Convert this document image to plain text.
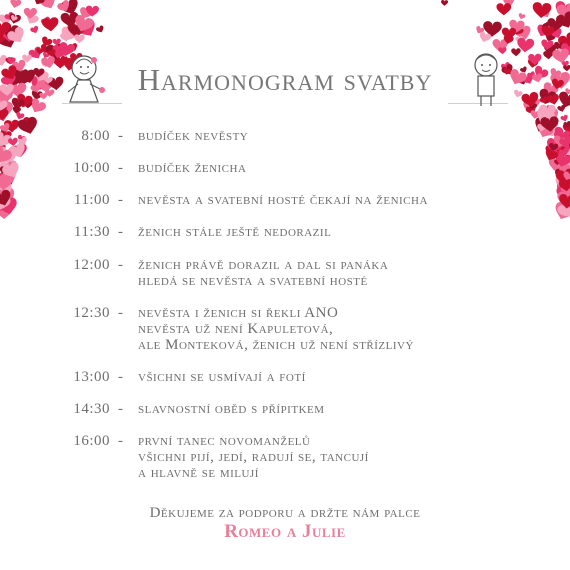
Harmonogram svatby
8:00 - budíček nevěsty
10:00 - budíček ženicha
11:00 - nevěsta a svatební hosté čekají na ženicha
11:30 - ženich stále ještě nedorazil
12:00 - ženich právě dorazil a dal si panáka
hledá se nevěsta a svatební hosté
12:30 - nevěsta i ženich si řekli ANO
nevěsta už není Kapuletová,
ale Monteková, ženich už není střízlivý
13:00 - všichni se usmívají a fotí
14:30 - slavnostní oběd s přípitkem
16:00 - první tanec novomanželů
všichni pijí, jedí, radují se, tancují
a hlavně se milují
Děkujeme za podporu a držte nám palce
Romeo a Julie
